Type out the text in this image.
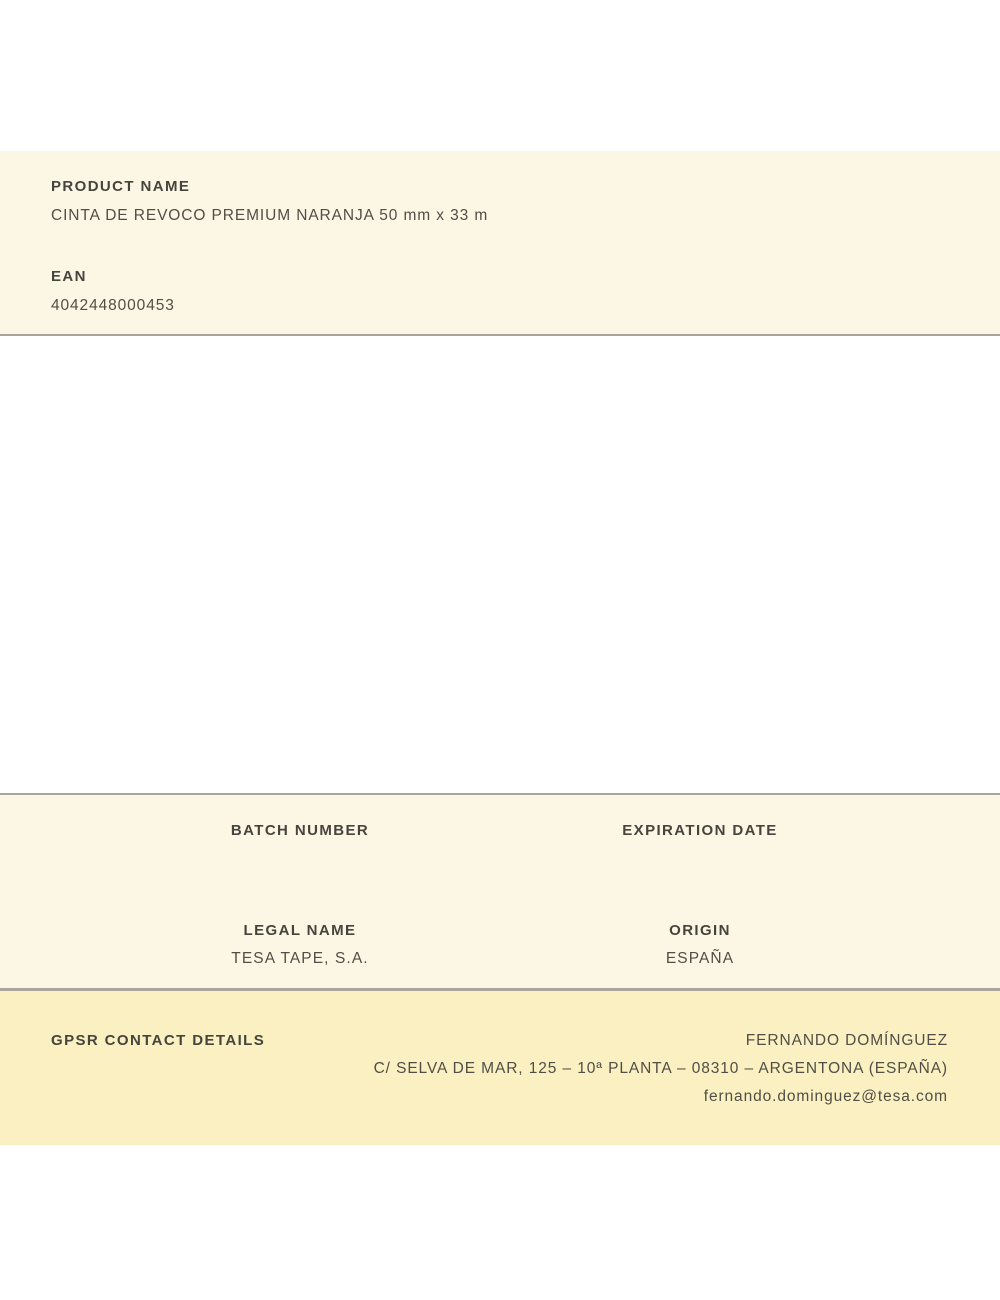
PRODUCT NAME
CINTA DE REVOCO PREMIUM NARANJA 50 mm x 33 m
EAN
4042448000453
BATCH NUMBER	EXPIRATION DATE
LEGAL NAME
TESA TAPE, S.A.
ORIGIN
ESPAÑA
GPSR CONTACT DETAILS	FERNANDO DOMÍNGUEZ
C/ SELVA DE MAR, 125 – 10ª PLANTA – 08310 – ARGENTONA (ESPAÑA)
fernando.dominguez@tesa.com
